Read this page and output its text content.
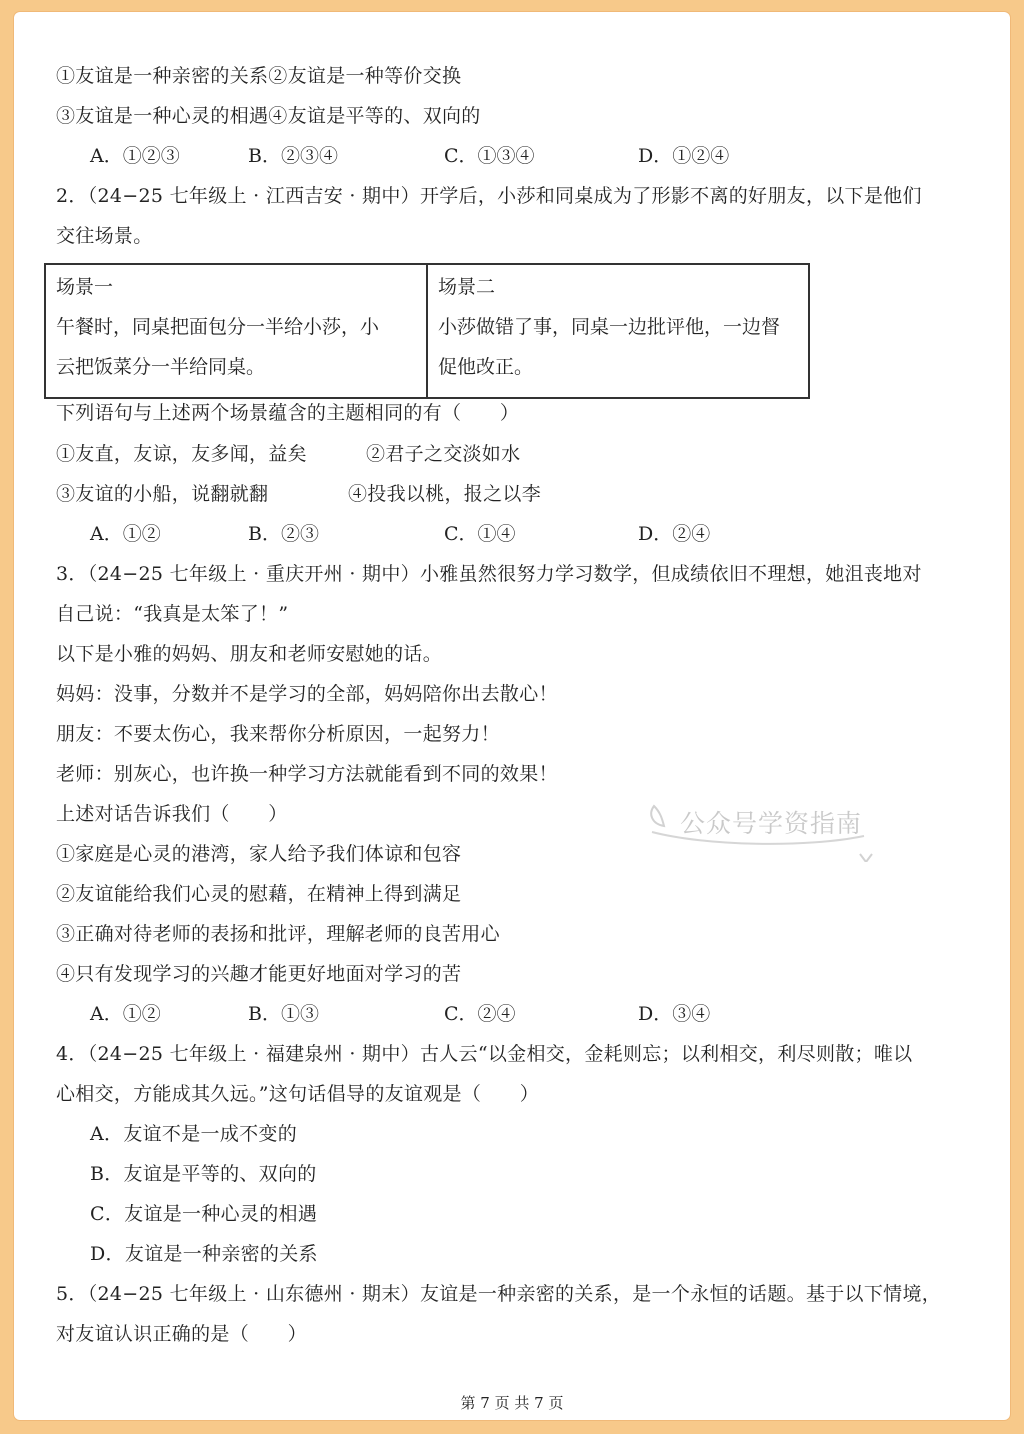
①友谊是一种亲密的关系②友谊是一种等价交换
③友谊是一种心灵的相遇④友谊是平等的、双向的
A．①②③	B．②③④	C．①③④	D．①②④
2．（24−25 七年级上 · 江西吉安 · 期中）开学后，小莎和同桌成为了形影不离的好朋友，以下是他们
交往场景。
场景一
午餐时，同桌把面包分一半给小莎，小
云把饭菜分一半给同桌。
场景二
小莎做错了事，同桌一边批评他，一边督
促他改正。
下列语句与上述两个场景蕴含的主题相同的有（　　）
①友直，友谅，友多闻，益矣	②君子之交淡如水
③友谊的小船，说翻就翻	④投我以桃，报之以李
A．①②	B．②③	C．①④	D．②④
3．（24−25 七年级上 · 重庆开州 · 期中）小雅虽然很努力学习数学，但成绩依旧不理想，她沮丧地对
自己说：“我真是太笨了！”
以下是小雅的妈妈、朋友和老师安慰她的话。
妈妈：没事，分数并不是学习的全部，妈妈陪你出去散心！
朋友：不要太伤心，我来帮你分析原因，一起努力！
老师：别灰心，也许换一种学习方法就能看到不同的效果！
上述对话告诉我们（　　）
①家庭是心灵的港湾，家人给予我们体谅和包容
②友谊能给我们心灵的慰藉，在精神上得到满足
③正确对待老师的表扬和批评，理解老师的良苦用心
④只有发现学习的兴趣才能更好地面对学习的苦
A．①②	B．①③	C．②④	D．③④
4．（24−25 七年级上 · 福建泉州 · 期中）古人云“以金相交，金耗则忘；以利相交，利尽则散；唯以
心相交，方能成其久远。”这句话倡导的友谊观是（　　）
A．友谊不是一成不变的
B．友谊是平等的、双向的
C．友谊是一种心灵的相遇
D．友谊是一种亲密的关系
5．（24−25 七年级上 · 山东德州 · 期末）友谊是一种亲密的关系，是一个永恒的话题。基于以下情境，
对友谊认识正确的是（　　）
公众号学资指南
第 7 页 共 7 页
